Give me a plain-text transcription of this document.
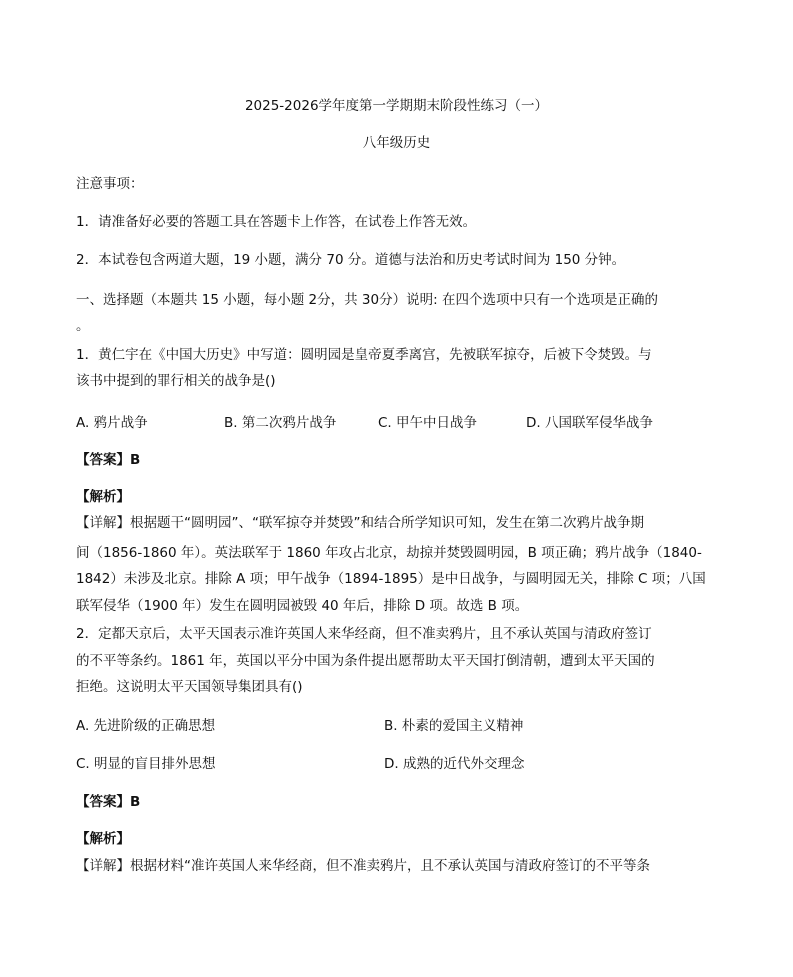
2025-2026学年度第一学期期末阶段性练习（一）
八年级历史
注意事项：
1．请准备好必要的答题工具在答题卡上作答，在试卷上作答无效。
2．本试卷包含两道大题，19 小题，满分 70 分。道德与法治和历史考试时间为 150 分钟。
一、选择题（本题共 15 小题，每小题 2分，共 30分）说明: 在四个选项中只有一个选项是正确的
。
1．黄仁宇在《中国大历史》中写道：圆明园是皇帝夏季离宫，先被联军掠夺，后被下令焚毁。与
该书中提到的罪行相关的战争是()
A. 鸦片战争	B. 第二次鸦片战争	C. 甲午中日战争	D. 八国联军侵华战争
【答案】B
【解析】
【详解】根据题干“圆明园”、“联军掠夺并焚毁”和结合所学知识可知，发生在第二次鸦片战争期
间（1856-1860 年）。英法联军于 1860 年攻占北京，劫掠并焚毁圆明园，B 项正确；鸦片战争（1840-
1842）未涉及北京。排除 A 项；甲午战争（1894-1895）是中日战争，与圆明园无关，排除 C 项；八国
联军侵华（1900 年）发生在圆明园被毁 40 年后，排除 D 项。故选 B 项。
2．定都天京后，太平天国表示准许英国人来华经商，但不准卖鸦片，且不承认英国与清政府签订
的不平等条约。1861 年，英国以平分中国为条件提出愿帮助太平天国打倒清朝，遭到太平天国的
拒绝。这说明太平天国领导集团具有()
A. 先进阶级的正确思想	B. 朴素的爱国主义精神
C. 明显的盲目排外思想	D. 成熟的近代外交理念
【答案】B
【解析】
【详解】根据材料“准许英国人来华经商，但不准卖鸦片，且不承认英国与清政府签订的不平等条
